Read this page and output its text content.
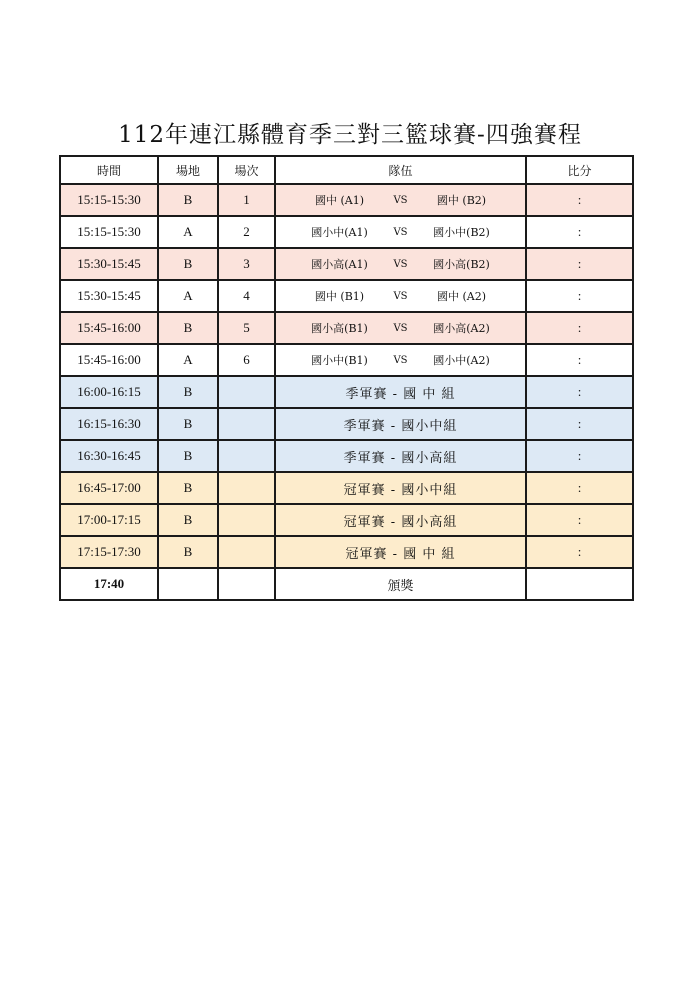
112年連江縣體育季三對三籃球賽-四強賽程
時間	場地	場次	隊伍	比分
15:15-15:30	B	1	國中 (A1) VS 國中 (B2)	:
15:15-15:30	A	2	國小中(A1) VS 國小中(B2)	:
15:30-15:45	B	3	國小高(A1) VS 國小高(B2)	:
15:30-15:45	A	4	國中 (B1) VS 國中 (A2)	:
15:45-16:00	B	5	國小高(B1) VS 國小高(A2)	:
15:45-16:00	A	6	國小中(B1) VS 國小中(A2)	:
16:00-16:15	B		季軍賽 - 國 中 組	:
16:15-16:30	B		季軍賽 - 國小中組	:
16:30-16:45	B		季軍賽 - 國小高組	:
16:45-17:00	B		冠軍賽 - 國小中組	:
17:00-17:15	B		冠軍賽 - 國小高組	:
17:15-17:30	B		冠軍賽 - 國 中 組	:
17:40			頒獎	
